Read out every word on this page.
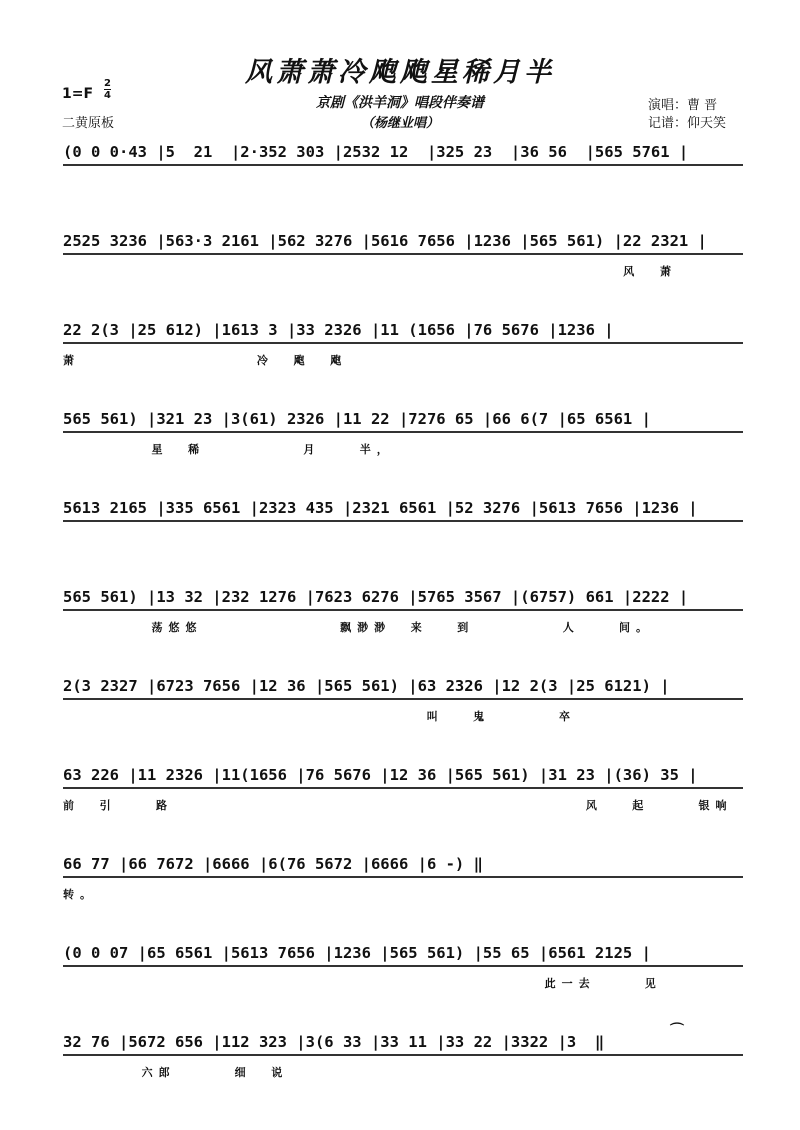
风萧萧冷飑飑星稀月半
京剧《洪羊洞》唱段伴奏谱
（杨继业唱）
1=F
2
4
二黄原板
演唱：曹 晋
记谱：仰天笑
(0 0 0·43 |5  21  |2·352 303 |2532 12  |325 23  |36 56  |565 5761 |
2525 3236 |563·3 2161 |562 3276 |5616 7656 |1236 |565 561) |22 2321 |
风  萧
22 2(3 |25 612) |1613 3 |33 2326 |11 (1656 |76 5676 |1236 |
萧                  冷  飑  飑
565 561) |321 23 |3(61) 2326 |11 22 |7276 65 |66 6(7 |65 6561 |
星  稀          月    半，
5613 2165 |335 6561 |2323 435 |2321 6561 |52 3276 |5613 7656 |1236 |
565 561) |13 32 |232 1276 |7623 6276 |5765 3567 |(6757) 661 |2222 |
荡悠悠              飘渺渺  来   到         人    间。
2(3 2327 |6723 7656 |12 36 |565 561) |63 2326 |12 2(3 |25 6121) |
叫   鬼       卒
63 226 |11 2326 |11(1656 |76 5676 |12 36 |565 561) |31 23 |(36) 35 |
前  引    路                                          风   起     银响
66 77 |66 7672 |6666 |6(76 5672 |6666 |6 -) ‖
转。
(0 0 07 |65 6561 |5613 7656 |1236 |565 561) |55 65 |6561 2125 |
此一去     见
32 76 |5672 656 |112 323 |3(6 33 |33 11 |33 22 |3322 |3  ‖
六郎      细  说
⌒
